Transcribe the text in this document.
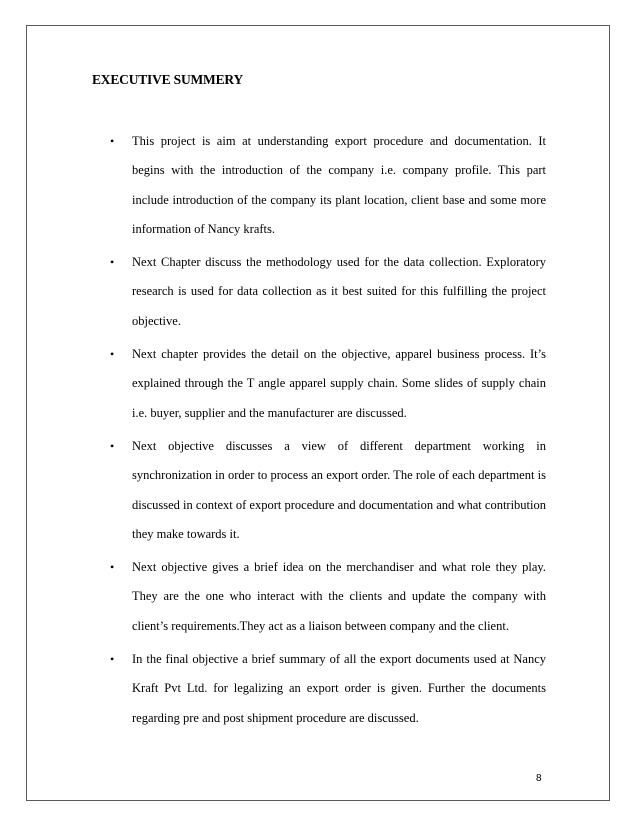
EXECUTIVE SUMMERY
• This project is aim at understanding export procedure and documentation. It begins with the introduction of the company i.e. company profile. This part include introduction of the company its plant location, client base and some more information of Nancy krafts.
• Next Chapter discuss the methodology used for the data collection. Exploratory research is used for data collection as it best suited for this fulfilling the project objective.
• Next chapter provides the detail on the objective, apparel business process. It’s explained through the T angle apparel supply chain. Some slides of supply chain i.e. buyer, supplier and the manufacturer are discussed.
• Next objective discusses a view of different department working in synchronization in order to process an export order. The role of each department is discussed in context of export procedure and documentation and what contribution they make towards it.
• Next objective gives a brief idea on the merchandiser and what role they play. They are the one who interact with the clients and update the company with client’s requirements.They act as a liaison between company and the client.
• In the final objective a brief summary of all the export documents used at Nancy Kraft Pvt Ltd. for legalizing an export order is given. Further the documents regarding pre and post shipment procedure are discussed.
8
